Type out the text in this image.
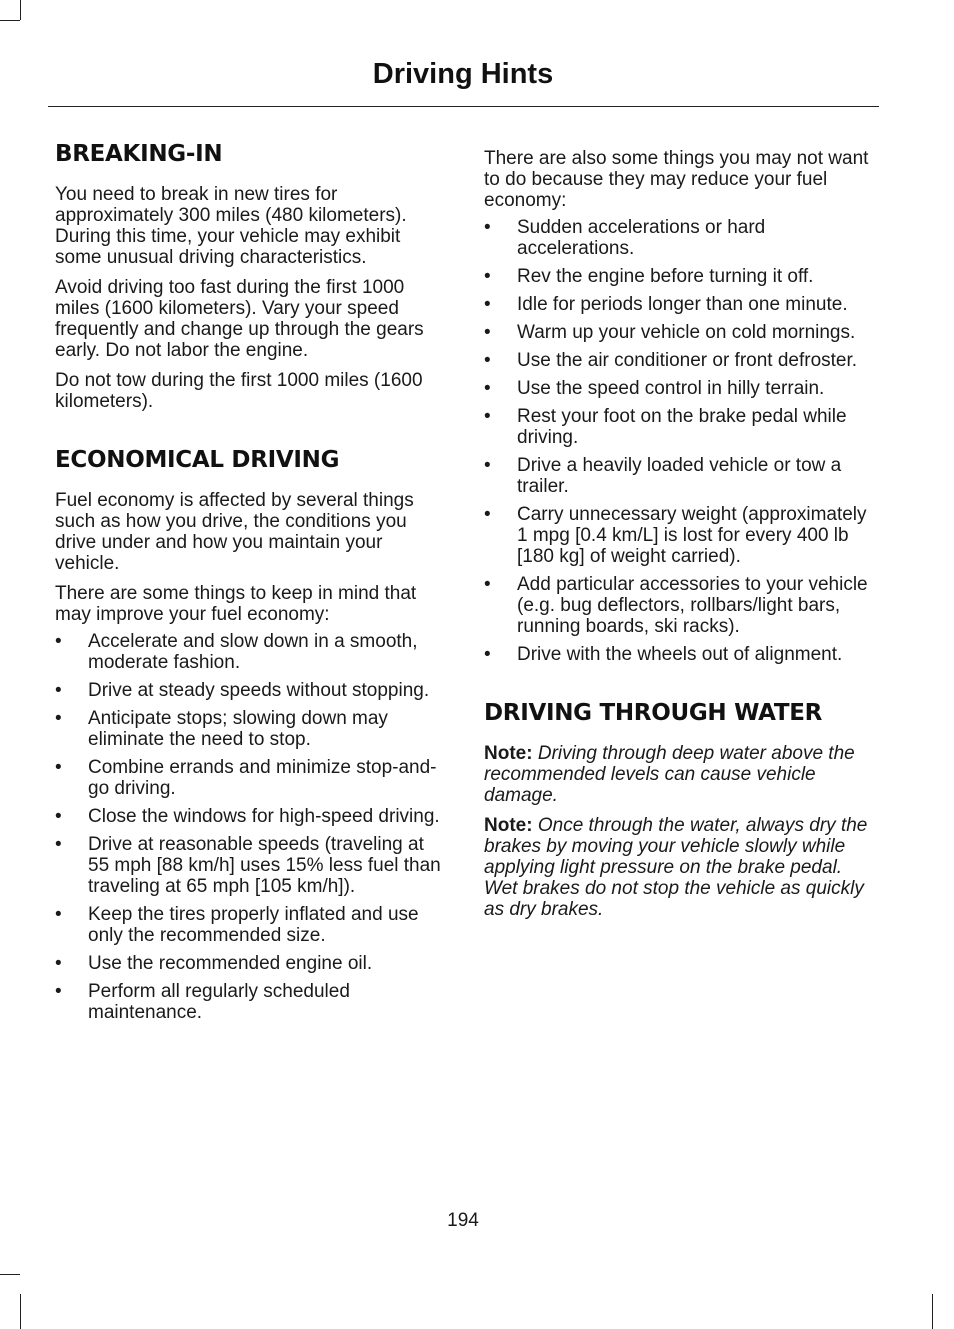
Driving Hints
BREAKING-IN

You need to break in new tires for approximately 300 miles (480 kilometers). During this time, your vehicle may exhibit some unusual driving characteristics.

Avoid driving too fast during the first 1000 miles (1600 kilometers). Vary your speed frequently and change up through the gears early. Do not labor the engine.

Do not tow during the first 1000 miles (1600 kilometers).

ECONOMICAL DRIVING

Fuel economy is affected by several things such as how you drive, the conditions you drive under and how you maintain your vehicle.

There are some things to keep in mind that may improve your fuel economy:

• Accelerate and slow down in a smooth, moderate fashion.
• Drive at steady speeds without stopping.
• Anticipate stops; slowing down may eliminate the need to stop.
• Combine errands and minimize stop-and-go driving.
• Close the windows for high-speed driving.
• Drive at reasonable speeds (traveling at 55 mph [88 km/h] uses 15% less fuel than traveling at 65 mph [105 km/h]).
• Keep the tires properly inflated and use only the recommended size.
• Use the recommended engine oil.
• Perform all regularly scheduled maintenance.

There are also some things you may not want to do because they may reduce your fuel economy:

• Sudden accelerations or hard accelerations.
• Rev the engine before turning it off.
• Idle for periods longer than one minute.
• Warm up your vehicle on cold mornings.
• Use the air conditioner or front defroster.
• Use the speed control in hilly terrain.
• Rest your foot on the brake pedal while driving.
• Drive a heavily loaded vehicle or tow a trailer.
• Carry unnecessary weight (approximately 1 mpg [0.4 km/L] is lost for every 400 lb [180 kg] of weight carried).
• Add particular accessories to your vehicle (e.g. bug deflectors, rollbars/light bars, running boards, ski racks).
• Drive with the wheels out of alignment.
DRIVING THROUGH WATER

Note: Driving through deep water above the recommended levels can cause vehicle damage.

Note: Once through the water, always dry the brakes by moving your vehicle slowly while applying light pressure on the brake pedal. Wet brakes do not stop the vehicle as quickly as dry brakes.

194
